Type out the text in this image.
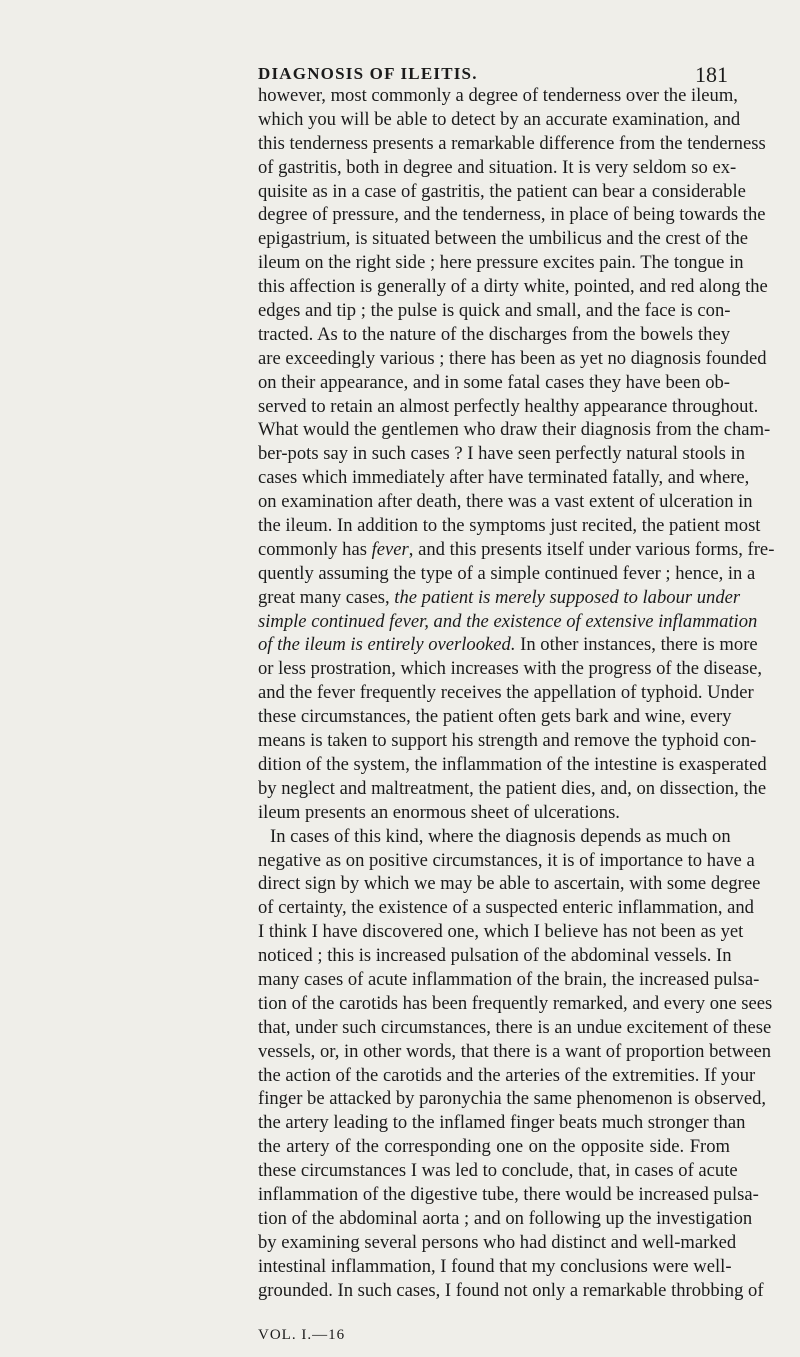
DIAGNOSIS OF ILEITIS.	181
however, most commonly a degree of tenderness over the ileum,
which you will be able to detect by an accurate examination, and
this tenderness presents a remarkable difference from the tenderness
of gastritis, both in degree and situation. It is very seldom so ex-
quisite as in a case of gastritis, the patient can bear a considerable
degree of pressure, and the tenderness, in place of being towards the
epigastrium, is situated between the umbilicus and the crest of the
ileum on the right side ; here pressure excites pain. The tongue in
this affection is generally of a dirty white, pointed, and red along the
edges and tip ; the pulse is quick and small, and the face is con-
tracted. As to the nature of the discharges from the bowels they
are exceedingly various ; there has been as yet no diagnosis founded
on their appearance, and in some fatal cases they have been ob-
served to retain an almost perfectly healthy appearance throughout.
What would the gentlemen who draw their diagnosis from the cham-
ber-pots say in such cases ? I have seen perfectly natural stools in
cases which immediately after have terminated fatally, and where,
on examination after death, there was a vast extent of ulceration in
the ileum. In addition to the symptoms just recited, the patient most
commonly has fever, and this presents itself under various forms, fre-
quently assuming the type of a simple continued fever ; hence, in a
great many cases, the patient is merely supposed to labour under
simple continued fever, and the existence of extensive inflammation
of the ileum is entirely overlooked. In other instances, there is more
or less prostration, which increases with the progress of the disease,
and the fever frequently receives the appellation of typhoid. Under
these circumstances, the patient often gets bark and wine, every
means is taken to support his strength and remove the typhoid con-
dition of the system, the inflammation of the intestine is exasperated
by neglect and maltreatment, the patient dies, and, on dissection, the
ileum presents an enormous sheet of ulcerations.
In cases of this kind, where the diagnosis depends as much on
negative as on positive circumstances, it is of importance to have a
direct sign by which we may be able to ascertain, with some degree
of certainty, the existence of a suspected enteric inflammation, and
I think I have discovered one, which I believe has not been as yet
noticed ; this is increased pulsation of the abdominal vessels. In
many cases of acute inflammation of the brain, the increased pulsa-
tion of the carotids has been frequently remarked, and every one sees
that, under such circumstances, there is an undue excitement of these
vessels, or, in other words, that there is a want of proportion between
the action of the carotids and the arteries of the extremities. If your
finger be attacked by paronychia the same phenomenon is observed,
the artery leading to the inflamed finger beats much stronger than
the artery of the corresponding one on the opposite side. From
these circumstances I was led to conclude, that, in cases of acute
inflammation of the digestive tube, there would be increased pulsa-
tion of the abdominal aorta ; and on following up the investigation
by examining several persons who had distinct and well-marked
intestinal inflammation, I found that my conclusions were well-
grounded. In such cases, I found not only a remarkable throbbing of
VOL. I.—16
